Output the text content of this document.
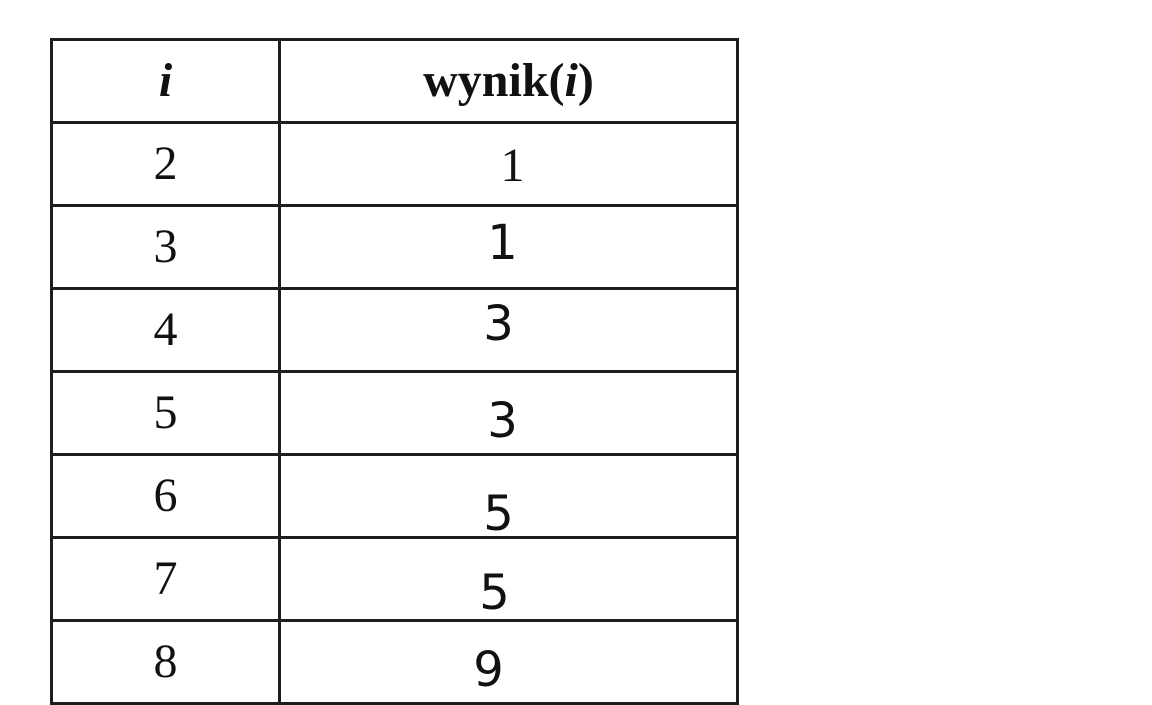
i	wynik(i)
2	1
3	1
4	3
5	3
6	5
7	5
8	9
